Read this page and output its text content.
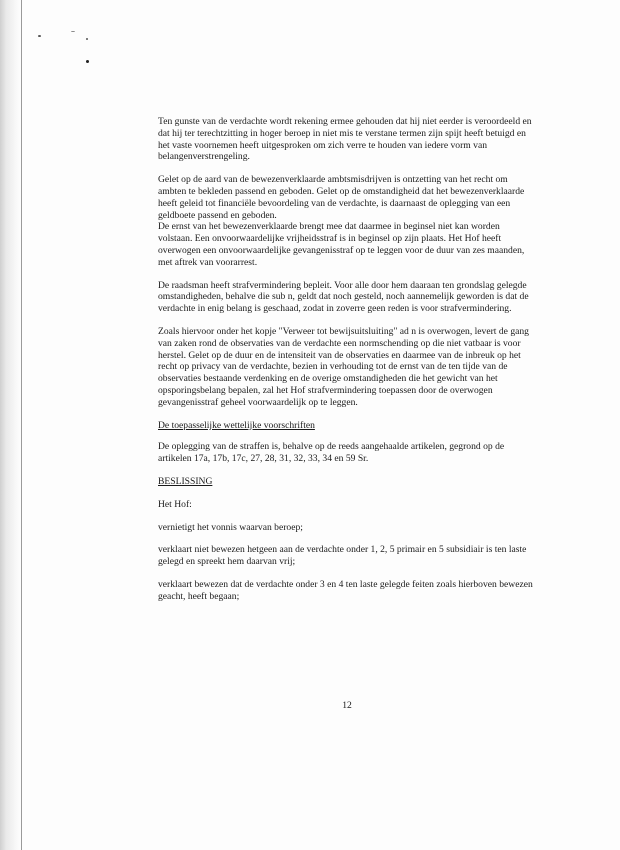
Ten gunste van de verdachte wordt rekening ermee gehouden dat hij niet eerder is veroordeeld en dat hij ter terechtzitting in hoger beroep in niet mis te verstane termen zijn spijt heeft betuigd en het vaste voornemen heeft uitgesproken om zich verre te houden van iedere vorm van belangenverstrengeling.

Gelet op de aard van de bewezenverklaarde ambtsmisdrijven is ontzetting van het recht om ambten te bekleden passend en geboden. Gelet op de omstandigheid dat het bewezenverklaarde heeft geleid tot financiële bevoordeling van de verdachte, is daarnaast de oplegging van een geldboete passend en geboden.

De ernst van het bewezenverklaarde brengt mee dat daarmee in beginsel niet kan worden volstaan. Een onvoorwaardelijke vrijheidsstraf is in beginsel op zijn plaats. Het Hof heeft overwogen een onvoorwaardelijke gevangenisstraf op te leggen voor de duur van zes maanden, met aftrek van voorarrest.

De raadsman heeft strafvermindering bepleit. Voor alle door hem daaraan ten grondslag gelegde omstandigheden, behalve die sub n, geldt dat noch gesteld, noch aannemelijk geworden is dat de verdachte in enig belang is geschaad, zodat in zoverre geen reden is voor strafvermindering.

Zoals hiervoor onder het kopje "Verweer tot bewijsuitsluiting" ad n is overwogen, levert de gang van zaken rond de observaties van de verdachte een normschending op die niet vatbaar is voor herstel. Gelet op de duur en de intensiteit van de observaties en daarmee van de inbreuk op het recht op privacy van de verdachte, bezien in verhouding tot de ernst van de ten tijde van de observaties bestaande verdenking en de overige omstandigheden die het gewicht van het opsporingsbelang bepalen, zal het Hof strafvermindering toepassen door de overwogen gevangenisstraf geheel voorwaardelijk op te leggen.

De toepasselijke wettelijke voorschriften

De oplegging van de straffen is, behalve op de reeds aangehaalde artikelen, gegrond op de artikelen 17a, 17b, 17c, 27, 28, 31, 32, 33, 34 en 59 Sr.

BESLISSING

Het Hof:

vernietigt het vonnis waarvan beroep;

verklaart niet bewezen hetgeen aan de verdachte onder 1, 2, 5 primair en 5 subsidiair is ten laste gelegd en spreekt hem daarvan vrij;

verklaart bewezen dat de verdachte onder 3 en 4 ten laste gelegde feiten zoals hierboven bewezen geacht, heeft begaan;

12
